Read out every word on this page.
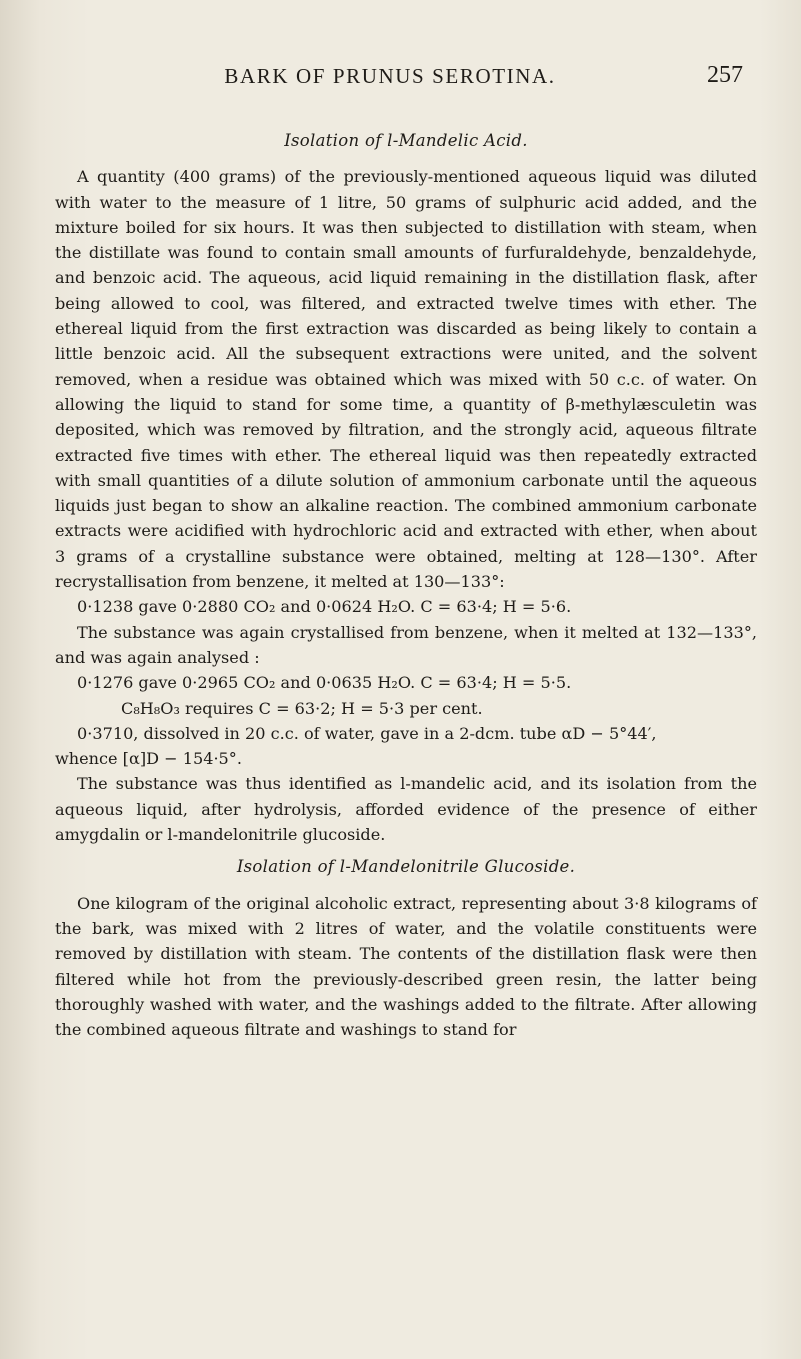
BARK OF PRUNUS SEROTINA.	257
Isolation of l-Mandelic Acid.

A quantity (400 grams) of the previously-mentioned aqueous liquid was diluted with water to the measure of 1 litre, 50 grams of sulphuric acid added, and the mixture boiled for six hours. It was then subjected to distillation with steam, when the distillate was found to contain small amounts of furfuraldehyde, benzaldehyde, and benzoic acid. The aqueous, acid liquid remaining in the distillation flask, after being allowed to cool, was filtered, and extracted twelve times with ether. The ethereal liquid from the first extraction was discarded as being likely to contain a little benzoic acid. All the subsequent extractions were united, and the solvent removed, when a residue was obtained which was mixed with 50 c.c. of water. On allowing the liquid to stand for some time, a quantity of β-methylæsculetin was deposited, which was removed by filtration, and the strongly acid, aqueous filtrate extracted five times with ether. The ethereal liquid was then repeatedly extracted with small quantities of a dilute solution of ammonium carbonate until the aqueous liquids just began to show an alkaline reaction. The combined ammonium carbonate extracts were acidified with hydrochloric acid and extracted with ether, when about 3 grams of a crystalline substance were obtained, melting at 128—130°. After recrystallisation from benzene, it melted at 130—133°:

0·1238 gave 0·2880 CO₂ and 0·0624 H₂O. C = 63·4; H = 5·6.

The substance was again crystallised from benzene, when it melted at 132—133°, and was again analysed :

0·1276 gave 0·2965 CO₂ and 0·0635 H₂O. C = 63·4; H = 5·5.

C₈H₈O₃ requires C = 63·2; H = 5·3 per cent.

0·3710, dissolved in 20 c.c. of water, gave in a 2-dcm. tube αD − 5°44′,

whence [α]D − 154·5°.

The substance was thus identified as l-mandelic acid, and its isolation from the aqueous liquid, after hydrolysis, afforded evidence of the presence of either amygdalin or l-mandelonitrile glucoside.

Isolation of l-Mandelonitrile Glucoside.

One kilogram of the original alcoholic extract, representing about 3·8 kilograms of the bark, was mixed with 2 litres of water, and the volatile constituents were removed by distillation with steam. The contents of the distillation flask were then filtered while hot from the previously-described green resin, the latter being thoroughly washed with water, and the washings added to the filtrate. After allowing the combined aqueous filtrate and washings to stand for
